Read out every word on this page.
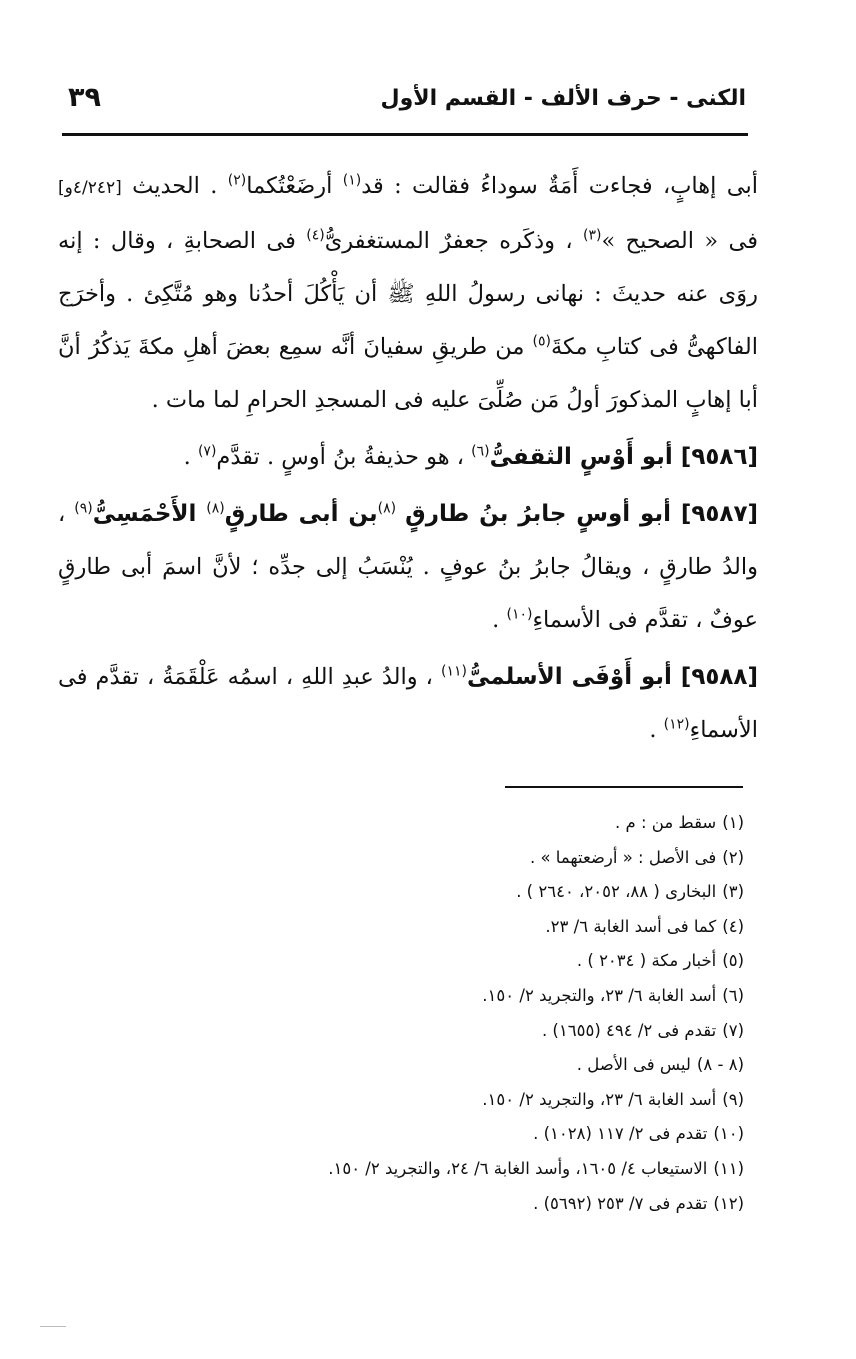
٣٩	الكنى - حرف الألف - القسم الأول

أبى إهابٍ، فجاءت أَمَةٌ سوداءُ فقالت : قد$^{(١)}$ أرضَعْتُكما$^{(٢)}$ . الحديث [٤/٢٤٢و] فى « الصحيح »$^{(٣)}$ ، وذكَره جعفرٌ المستغفرىُّ$^{(٤)}$ فى الصحابةِ ، وقال : إنه روَى عنه حديثَ : نهانى رسولُ اللهِ ﷺ أن يَأْكُلَ أحدُنا وهو مُتَّكِئ . وأخرَج الفاكهىُّ فى كتابِ مكةَ$^{(٥)}$ من طريقِ سفيانَ أنَّه سمِع بعضَ أهلِ مكةَ يَذكُرُ أنَّ أبا إهابٍ المذكورَ أولُ مَن صُلِّىَ عليه فى المسجدِ الحرامِ لما مات .

[٩٥٨٦] أبو أَوْسٍ الثقفىُّ$^{(٦)}$ ، هو حذيفةُ بنُ أوسٍ . تقدَّم$^{(٧)}$ .

[٩٥٨٧] أبو أوسٍ جابرُ بنُ طارقٍ $^{(٨)}$بن أبى طارقٍ$^{(٨)}$ الأَحْمَسِىُّ$^{(٩)}$ ، والدُ طارقٍ ، ويقالُ جابرُ بنُ عوفٍ . يُنْسَبُ إلى جدِّه ؛ لأنَّ اسمَ أبى طارقٍ عوفٌ ، تقدَّم فى الأسماءِ$^{(١٠)}$ .

[٩٥٨٨] أبو أَوْفَى الأسلمىُّ$^{(١١)}$ ، والدُ عبدِ اللهِ ، اسمُه عَلْقَمَةُ ، تقدَّم فى الأسماءِ$^{(١٢)}$ .

(١)سقط من : م .
(٢)فى الأصل : « أرضعتهما » .
(٣)البخارى ( ٨٨، ٢٠٥٢، ٢٦٤٠ ) .
(٤)كما فى أسد الغابة ٦/ ٢٣.
(٥)أخبار مكة ( ٢٠٣٤ ) .
(٦)أسد الغابة ٦/ ٢٣، والتجريد ٢/ ١٥٠.
(٧)تقدم فى ٢/ ٤٩٤ (١٦٥٥) .
(٨ - ٨)ليس فى الأصل .
(٩)أسد الغابة ٦/ ٢٣، والتجريد ٢/ ١٥٠.
(١٠)تقدم فى ٢/ ١١٧ (١٠٢٨) .
(١١)الاستيعاب ٤/ ١٦٠٥، وأسد الغابة ٦/ ٢٤، والتجريد ٢/ ١٥٠.
(١٢)تقدم فى ٧/ ٢٥٣ (٥٦٩٢) .
